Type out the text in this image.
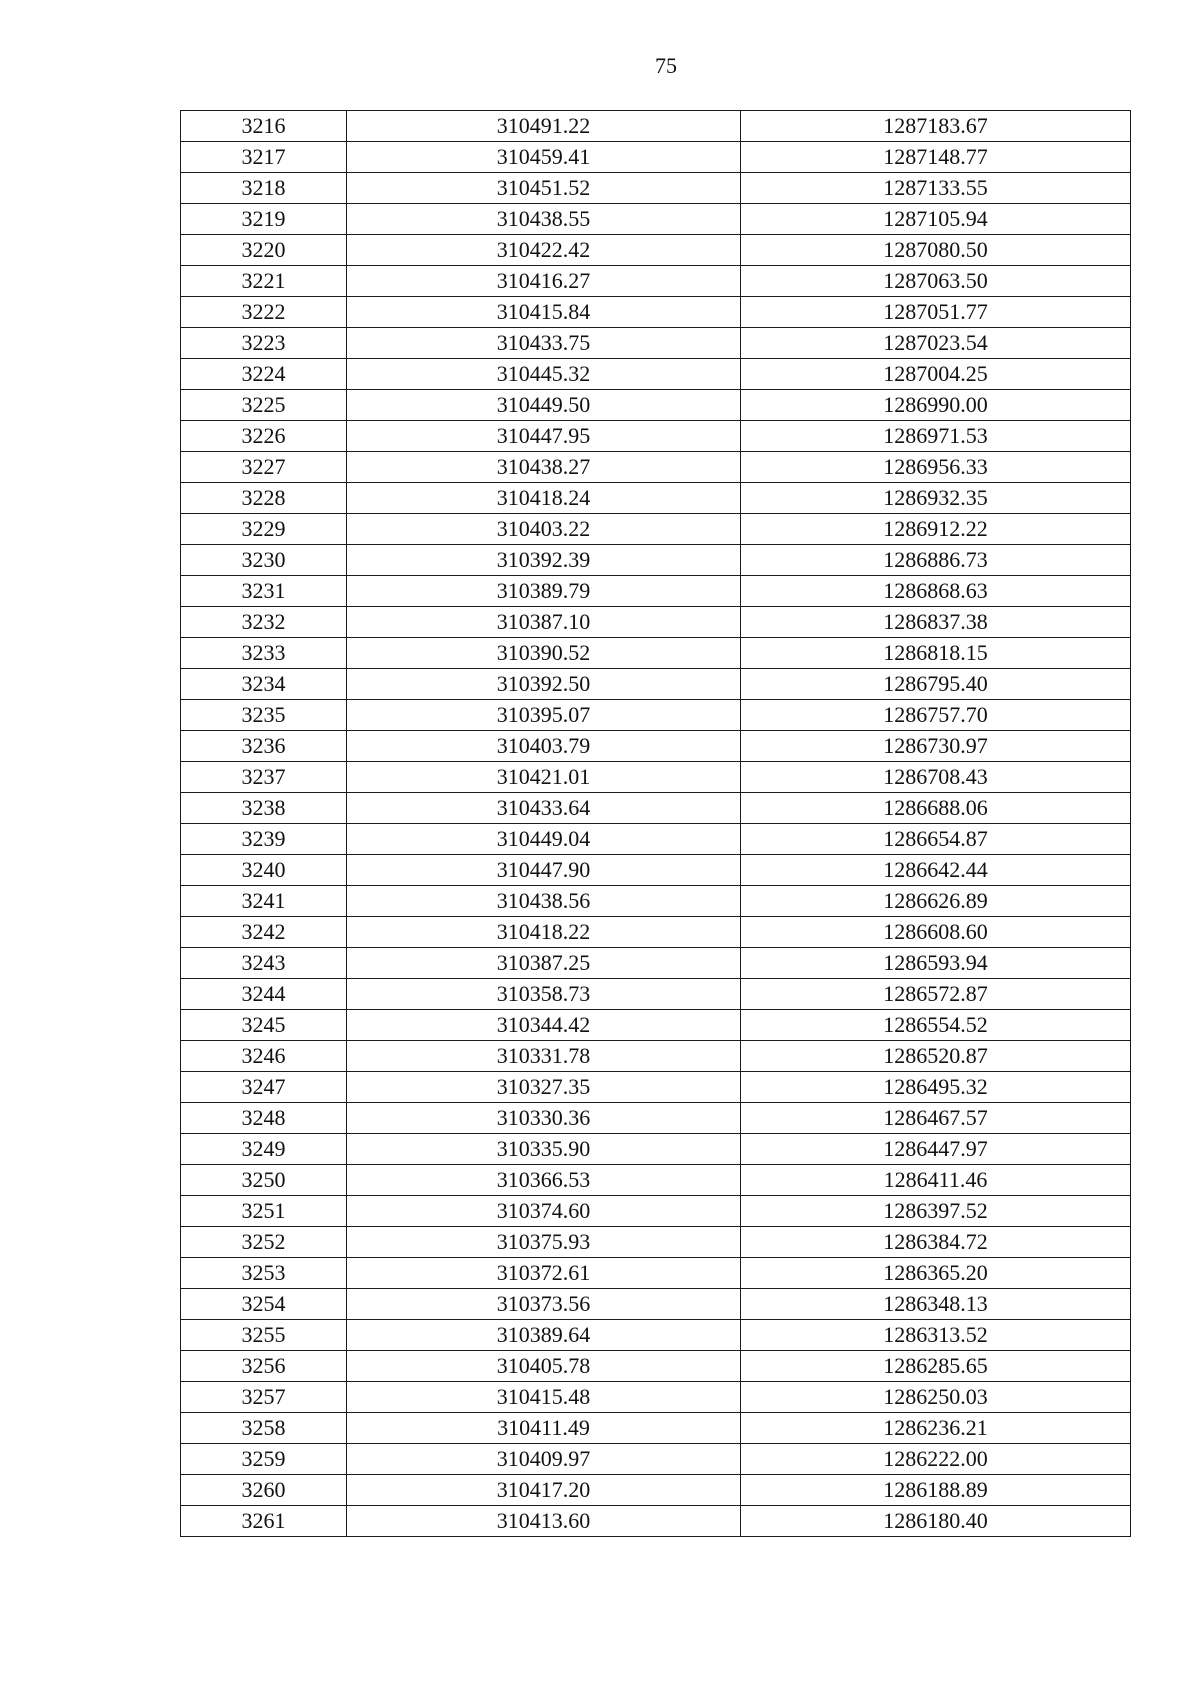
75
3216	310491.22	1287183.67
3217	310459.41	1287148.77
3218	310451.52	1287133.55
3219	310438.55	1287105.94
3220	310422.42	1287080.50
3221	310416.27	1287063.50
3222	310415.84	1287051.77
3223	310433.75	1287023.54
3224	310445.32	1287004.25
3225	310449.50	1286990.00
3226	310447.95	1286971.53
3227	310438.27	1286956.33
3228	310418.24	1286932.35
3229	310403.22	1286912.22
3230	310392.39	1286886.73
3231	310389.79	1286868.63
3232	310387.10	1286837.38
3233	310390.52	1286818.15
3234	310392.50	1286795.40
3235	310395.07	1286757.70
3236	310403.79	1286730.97
3237	310421.01	1286708.43
3238	310433.64	1286688.06
3239	310449.04	1286654.87
3240	310447.90	1286642.44
3241	310438.56	1286626.89
3242	310418.22	1286608.60
3243	310387.25	1286593.94
3244	310358.73	1286572.87
3245	310344.42	1286554.52
3246	310331.78	1286520.87
3247	310327.35	1286495.32
3248	310330.36	1286467.57
3249	310335.90	1286447.97
3250	310366.53	1286411.46
3251	310374.60	1286397.52
3252	310375.93	1286384.72
3253	310372.61	1286365.20
3254	310373.56	1286348.13
3255	310389.64	1286313.52
3256	310405.78	1286285.65
3257	310415.48	1286250.03
3258	310411.49	1286236.21
3259	310409.97	1286222.00
3260	310417.20	1286188.89
3261	310413.60	1286180.40
